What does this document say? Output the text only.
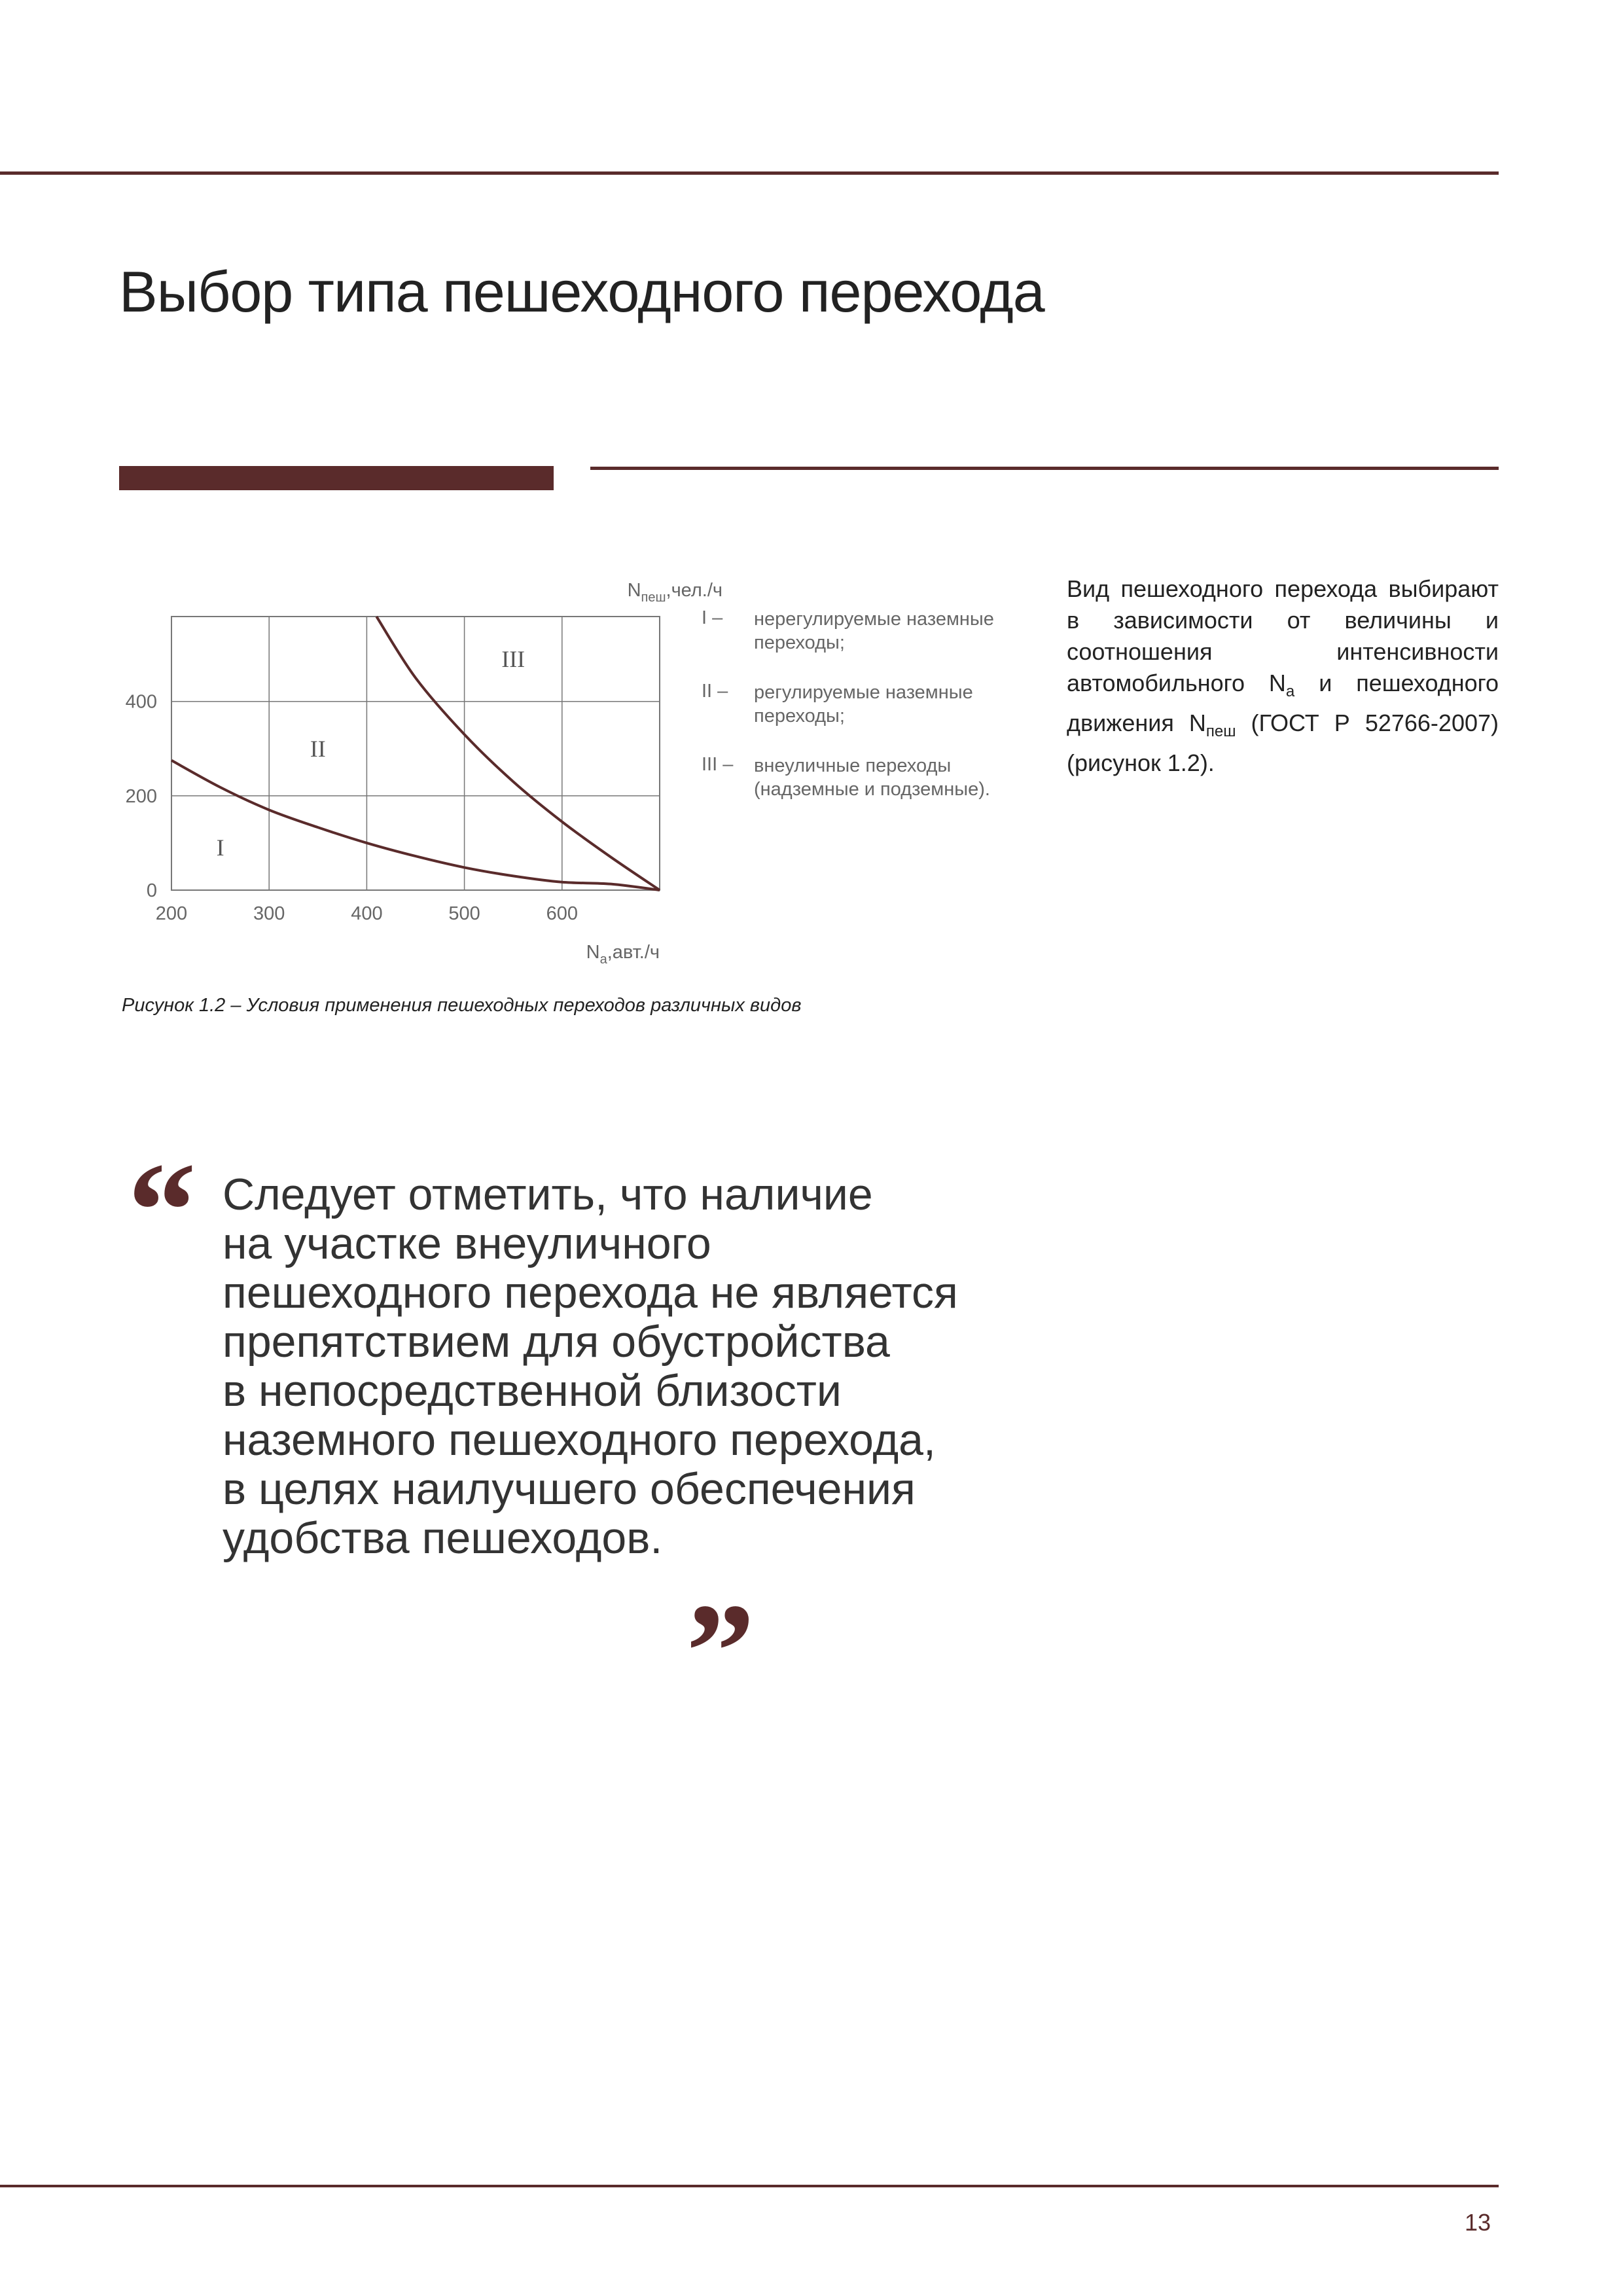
Выбор типа пешеходного перехода
200	300	400	500	600
0
200
400
I
II
III
$N_{пеш},чел./ч$
$N_а,авт./ч$
I – нерегулируемые наземные переходы;
II – регулируемые наземные переходы;
III – внеуличные переходы (надземные и подземные).
Вид пешеходного перехода выбирают в зависимости от величины и соотношения интенсивности автомобильного $N_а$ и пешеходного движения $N_{пеш}$ (ГОСТ Р 52766-2007) (рисунок 1.2).
Рисунок 1.2 – Условия применения пешеходных переходов различных видов
“ Следует отметить, что наличие
на участке внеуличного
пешеходного перехода не является
препятствием для обустройства
в непосредственной близости
наземного пешеходного перехода,
в целях наилучшего обеспечения
удобства пешеходов. „
13
